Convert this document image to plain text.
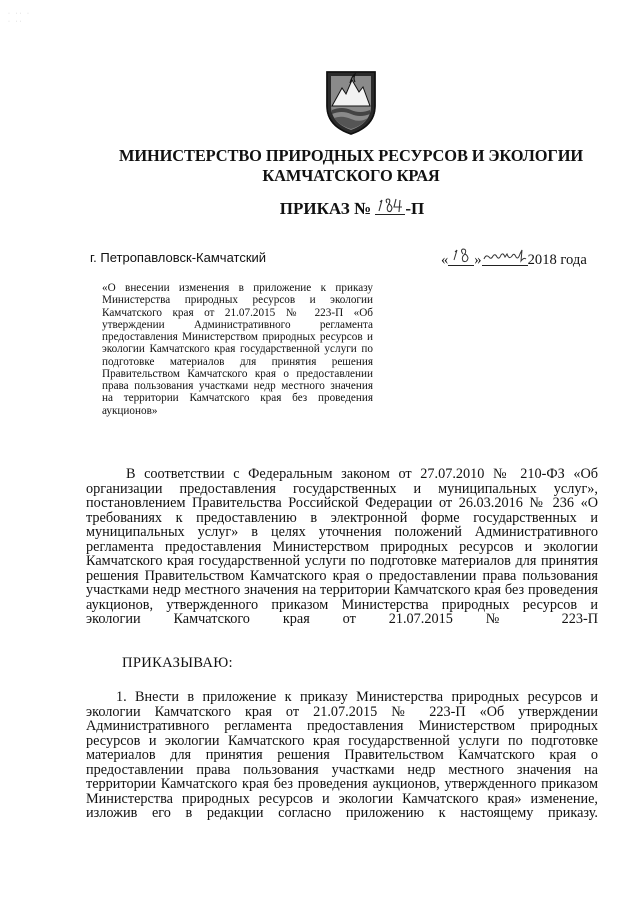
· ·· ·
· ··
МИНИСТЕРСТВО ПРИРОДНЫХ РЕСУРСОВ И ЭКОЛОГИИ
КАМЧАТСКОГО КРАЯ
ПРИКАЗ № -П
г. Петропавловск-Камчатский	« »	2018 года
«О внесении изменения в приложение к приказу Министерства природных ресурсов и экологии Камчатского края от 21.07.2015 № 223-П «Об утверждении Административного регламента предоставления Министерством природных ресурсов и экологии Камчатского края государственной услуги по подготовке материалов для принятия решения Правительством Камчатского края о предоставлении права пользования участками недр местного значения на территории Камчатского края без проведения аукционов»
В соответствии с Федеральным законом от 27.07.2010 № 210-ФЗ «Об организации предоставления государственных и муниципальных услуг», постановлением Правительства Российской Федерации от 26.03.2016 № 236 «О требованиях к предоставлению в электронной форме государственных и муниципальных услуг» в целях уточнения положений Административного регламента предоставления Министерством природных ресурсов и экологии Камчатского края государственной услуги по подготовке материалов для принятия решения Правительством Камчатского края о предоставлении права пользования участками недр местного значения на территории Камчатского края без проведения аукционов, утвержденного приказом Министерства природных ресурсов и экологии Камчатского края от 21.07.2015 № 223-П
ПРИКАЗЫВАЮ:
1. Внести в приложение к приказу Министерства природных ресурсов и экологии Камчатского края от 21.07.2015 № 223-П «Об утверждении Административного регламента предоставления Министерством природных ресурсов и экологии Камчатского края государственной услуги по подготовке материалов для принятия решения Правительством Камчатского края о предоставлении права пользования участками недр местного значения на территории Камчатского края без проведения аукционов, утвержденного приказом Министерства природных ресурсов и экологии Камчатского края» изменение, изложив его в редакции согласно приложению к настоящему приказу.
